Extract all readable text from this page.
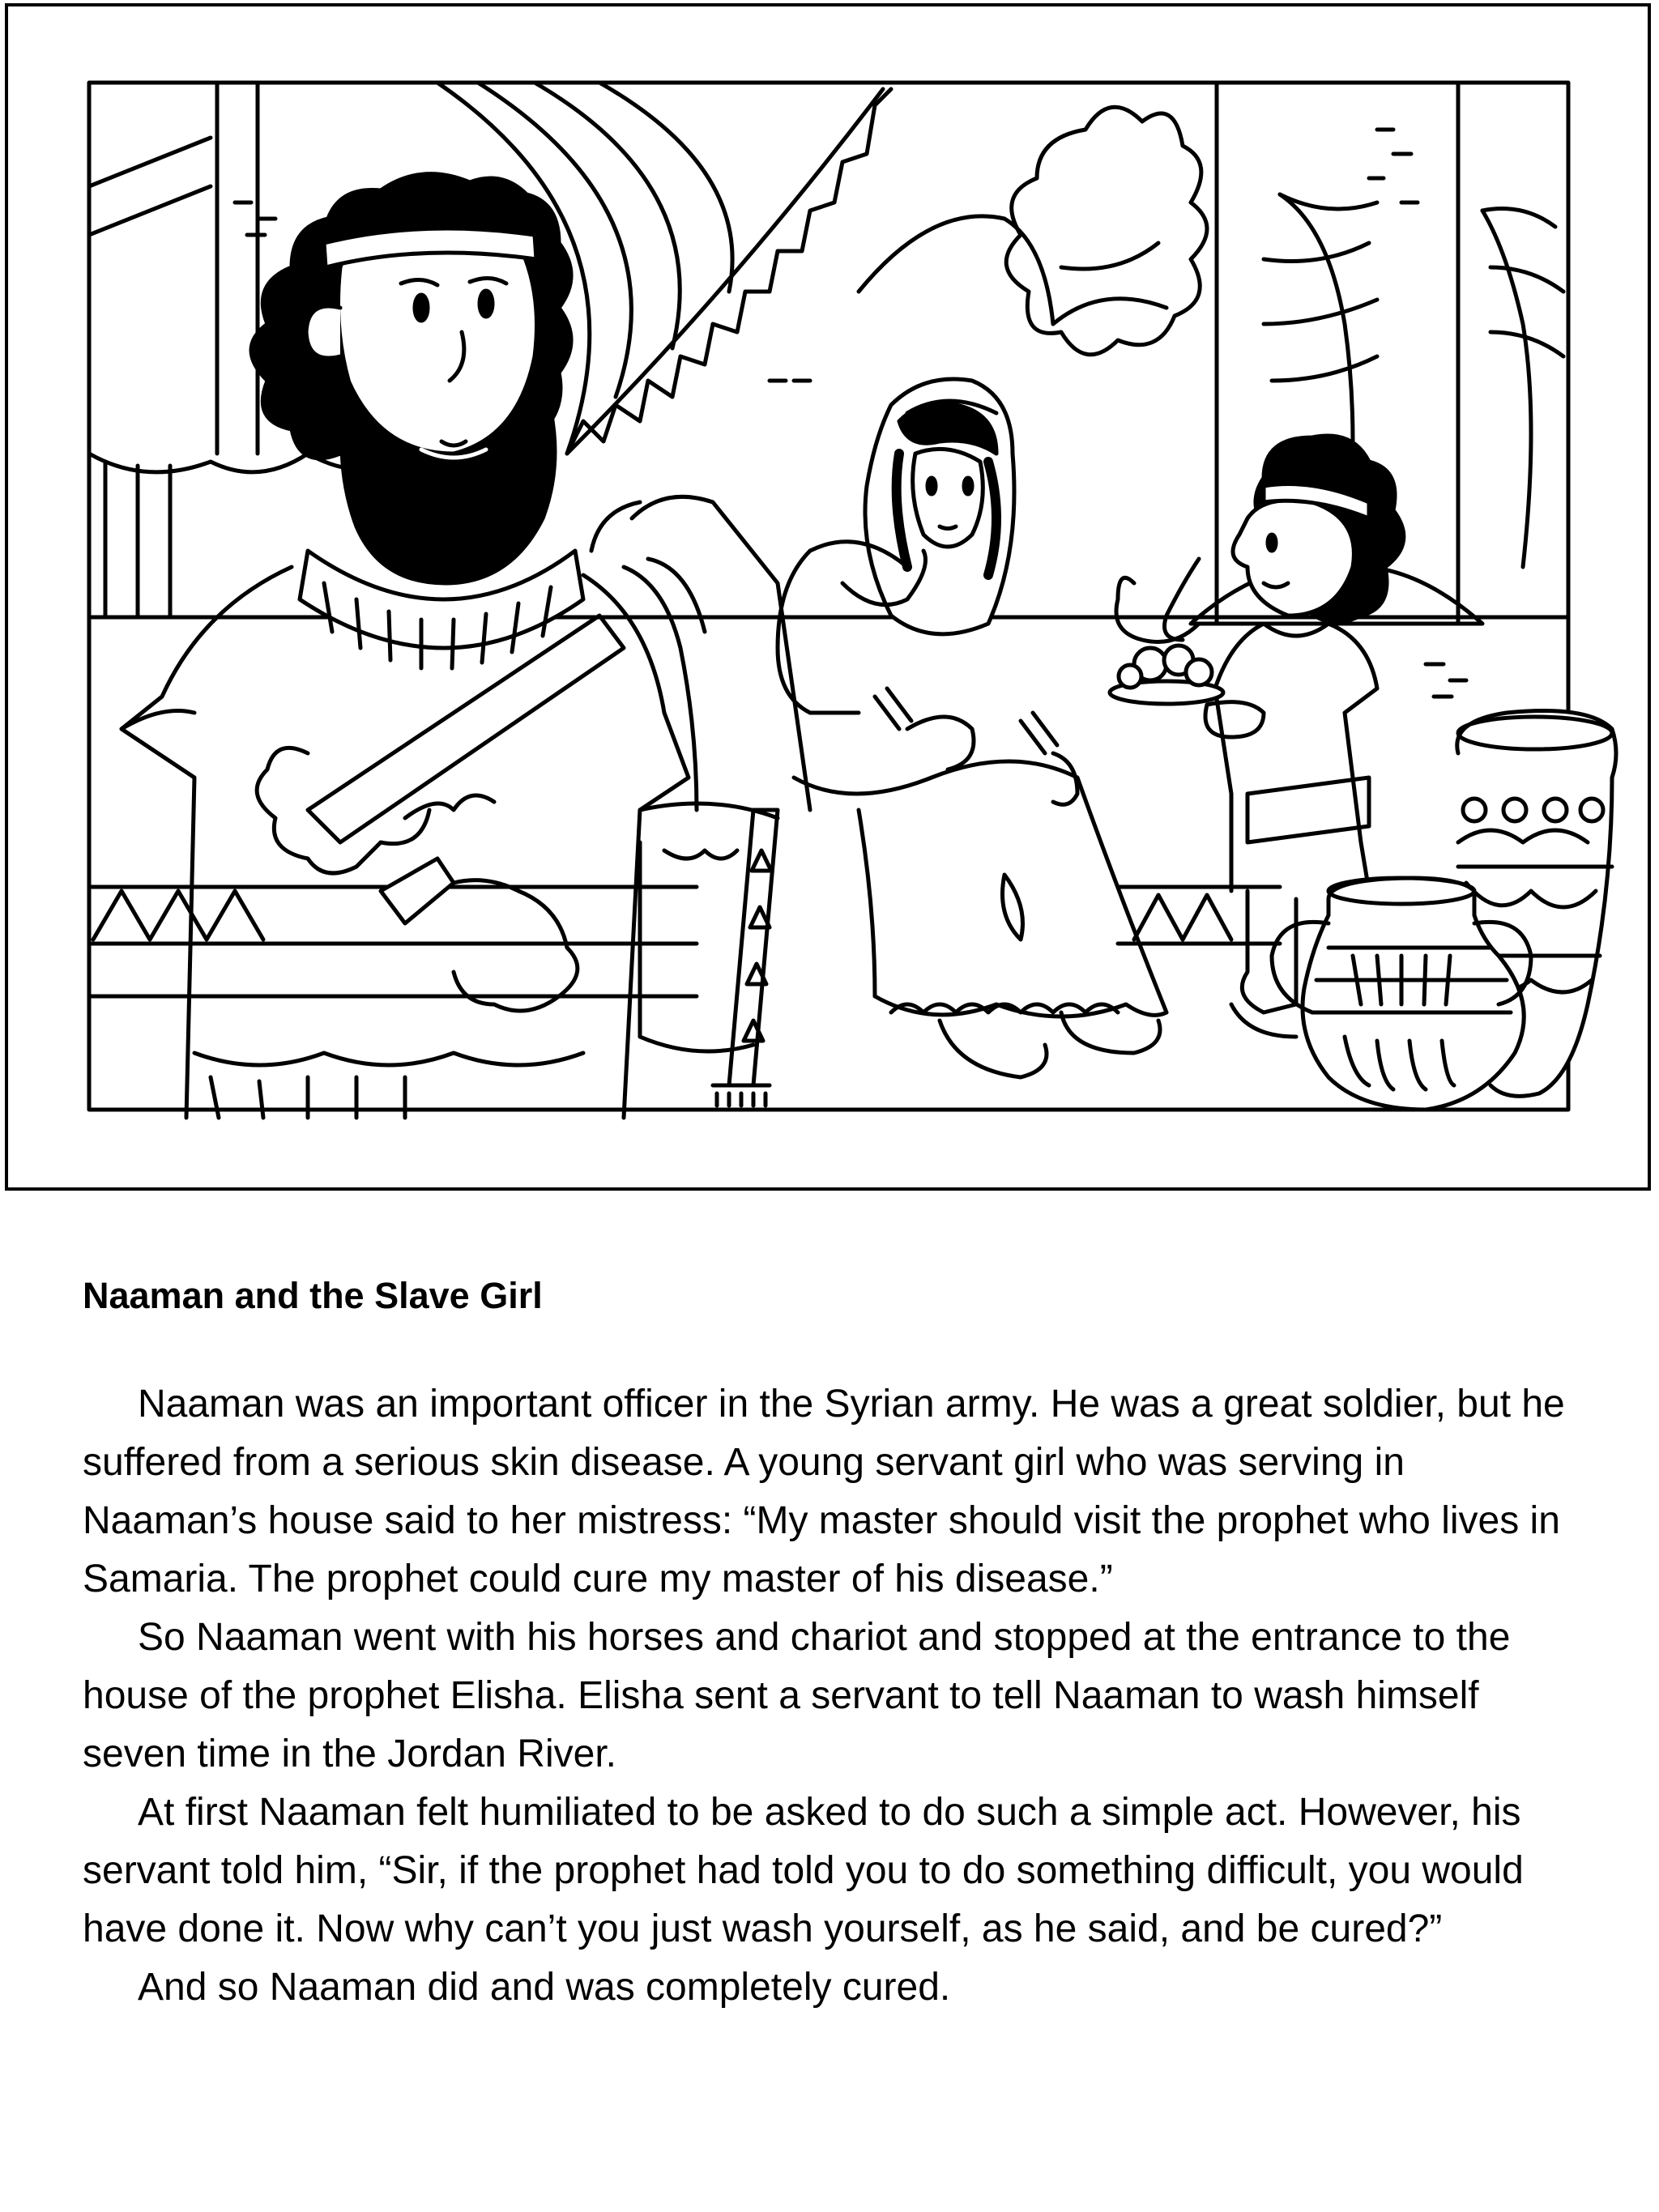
Naaman and the Slave Girl

Naaman was an important officer in the Syrian army. He was a great soldier, but he suffered from a serious skin disease. A young servant girl who was serving in Naaman’s house said to her mistress: “My master should visit the prophet who lives in Samaria. The prophet could cure my master of his disease.”

So Naaman went with his horses and chariot and stopped at the entrance to the house of the prophet Elisha. Elisha sent a servant to tell Naaman to wash himself seven time in the Jordan River.

At first Naaman felt humiliated to be asked to do such a simple act. However, his servant told him, “Sir, if the prophet had told you to do something difficult, you would have done it. Now why can’t you just wash yourself, as he said, and be cured?”

And so Naaman did and was completely cured.
